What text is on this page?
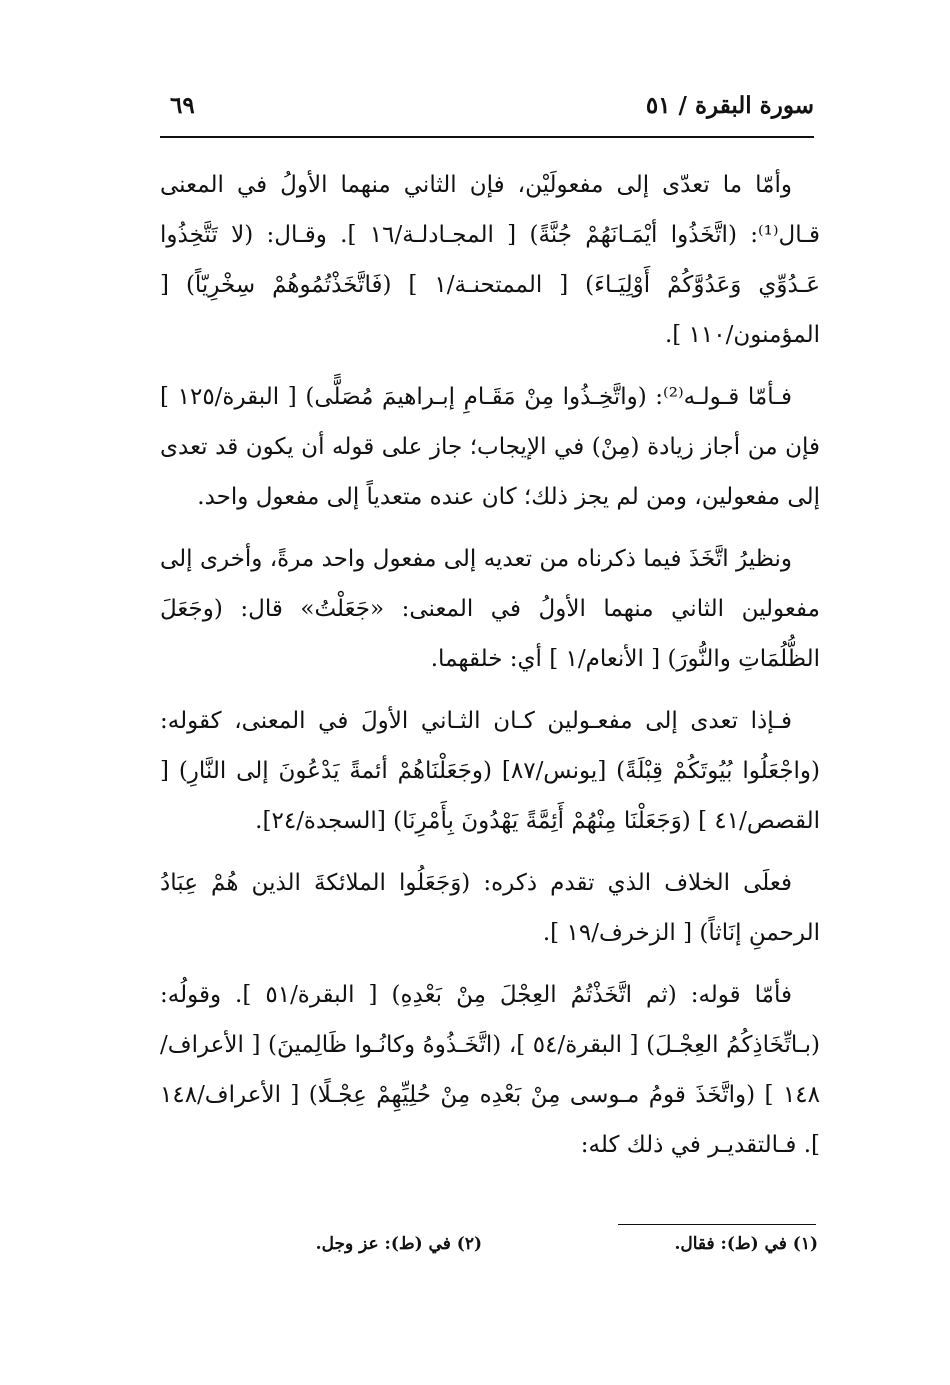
سورة البقرة / ٥١
٦٩

وأمّا ما تعدّى إلى مفعولَيْن، فإن الثاني منهما الأولُ في المعنى قـال⁽¹⁾: (اتَّخَذُوا أيْمَـانَهُمْ جُنَّةً) [ المجـادلـة/١٦ ]. وقـال: (لا تَتَّخِذُوا عَـدُوِّي وَعَدُوَّكُمْ أَوْلِيَـاءَ) [ الممتحنـة/١ ] (فَاتَّخَذْتُمُوهُمْ سِخْرِيّاً) [ المؤمنون/١١٠ ].

فـأمّا قـولـه⁽²⁾: (واتَّخِـذُوا مِنْ مَقَـامِ إبـراهيمَ مُصَلًّى) [ البقرة/١٢٥ ] فإن من أجاز زيادة (مِنْ) في الإيجاب؛ جاز على قوله أن يكون قد تعدى إلى مفعولين، ومن لم يجز ذلك؛ كان عنده متعدياً إلى مفعول واحد.

ونظيرُ اتَّخَذَ فيما ذكرناه من تعديه إلى مفعول واحد مرةً، وأخرى إلى مفعولين الثاني منهما الأولُ في المعنى: «جَعَلْتُ» قال: (وجَعَلَ الظُّلُمَاتِ والنُّورَ) [ الأنعام/١ ] أي: خلقهما.

فـإذا تعدى إلى مفعـولين كـان الثـاني الأولَ في المعنى، كقوله: (واجْعَلُوا بُيُوتَكُمْ قِبْلَةً) [يونس/٨٧] (وجَعَلْنَاهُمْ أئمةً يَدْعُونَ إلى النَّارِ) [ القصص/٤١ ] (وَجَعَلْنَا مِنْهُمْ أَئِمَّةً يَهْدُونَ بِأَمْرِنَا) [السجدة/٢٤].

فعلَى الخلاف الذي تقدم ذكره: (وَجَعَلُوا الملائكةَ الذين هُمْ عِبَادُ الرحمنِ إنَاثاً) [ الزخرف/١٩ ].

فأمّا قوله: (ثم اتَّخَذْتُمُ العِجْلَ مِنْ بَعْدِهِ) [ البقرة/٥١ ]. وقولُه: (بـاتِّخَاذِكُمُ العِجْـلَ) [ البقرة/٥٤ ]، (اتَّخَـذُوهُ وكانُـوا ظَالِمينَ) [ الأعراف/١٤٨ ] (واتَّخَذَ قومُ مـوسى مِنْ بَعْدِه مِنْ حُلِيِّهِمْ عِجْـلًا) [ الأعراف/١٤٨ ]. فـالتقديـر في ذلك كله:

(١) في (ط): فقال.
(٢) في (ط): عز وجل.
